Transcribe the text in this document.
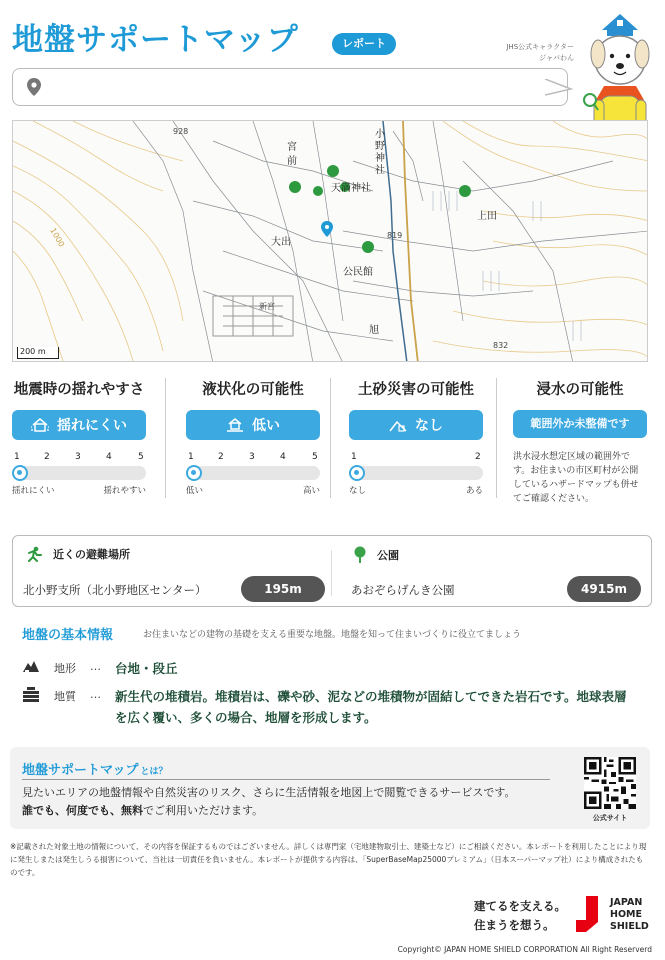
地盤サポートマップ	レポート	JHS公式キャラクター
ジャバわん
928	小野神社
天満神社
宮前
大出
公民館
上田
旭
新宮
819
832
1000
200 m
地震時の揺れやすさ
揺れにくい
1	2	3	4	5
揺れにくい	揺れやすい
液状化の可能性
低い
1	2	3	4	5
低い	高い
土砂災害の可能性
なし
1	2
なし	ある
浸水の可能性
範囲外か未整備です
洪水浸水想定区域の範囲外です。お住まいの市区町村が公開しているハザードマップも併せてご確認ください。
近くの避難場所
北小野支所（北小野地区センター）	195m
公園
あおぞらげんき公園	4915m
地盤の基本情報	お住まいなどの建物の基礎を支える重要な地盤。地盤を知って住まいづくりに役立てましょう
地形 … 台地・段丘
地質 … 新生代の堆積岩。堆積岩は、礫や砂、泥などの堆積物が固結してできた岩石です。地球表層を広く覆い、多くの場合、地層を形成します。
地盤サポートマップ とは？
見たいエリアの地盤情報や自然災害のリスク、さらに生活情報を地図上で閲覧できるサービスです。
誰でも、何度でも、無料でご利用いただけます。
公式サイト
※記載された対象土地の情報について、その内容を保証するものではございません。詳しくは専門家（宅地建物取引士、建築士など）にご相談ください。本レポートを利用したことにより現に発生しまたは発生しうる損害について、当社は一切責任を負いません。本レポートが提供する内容は、「SuperBaseMap25000プレミアム」（日本スーパーマップ社）により構成されたものです。
建てるを支える。
住まうを想う。
JAPAN
HOME
SHIELD
Copyright© JAPAN HOME SHIELD CORPORATION All Right Reserverd
